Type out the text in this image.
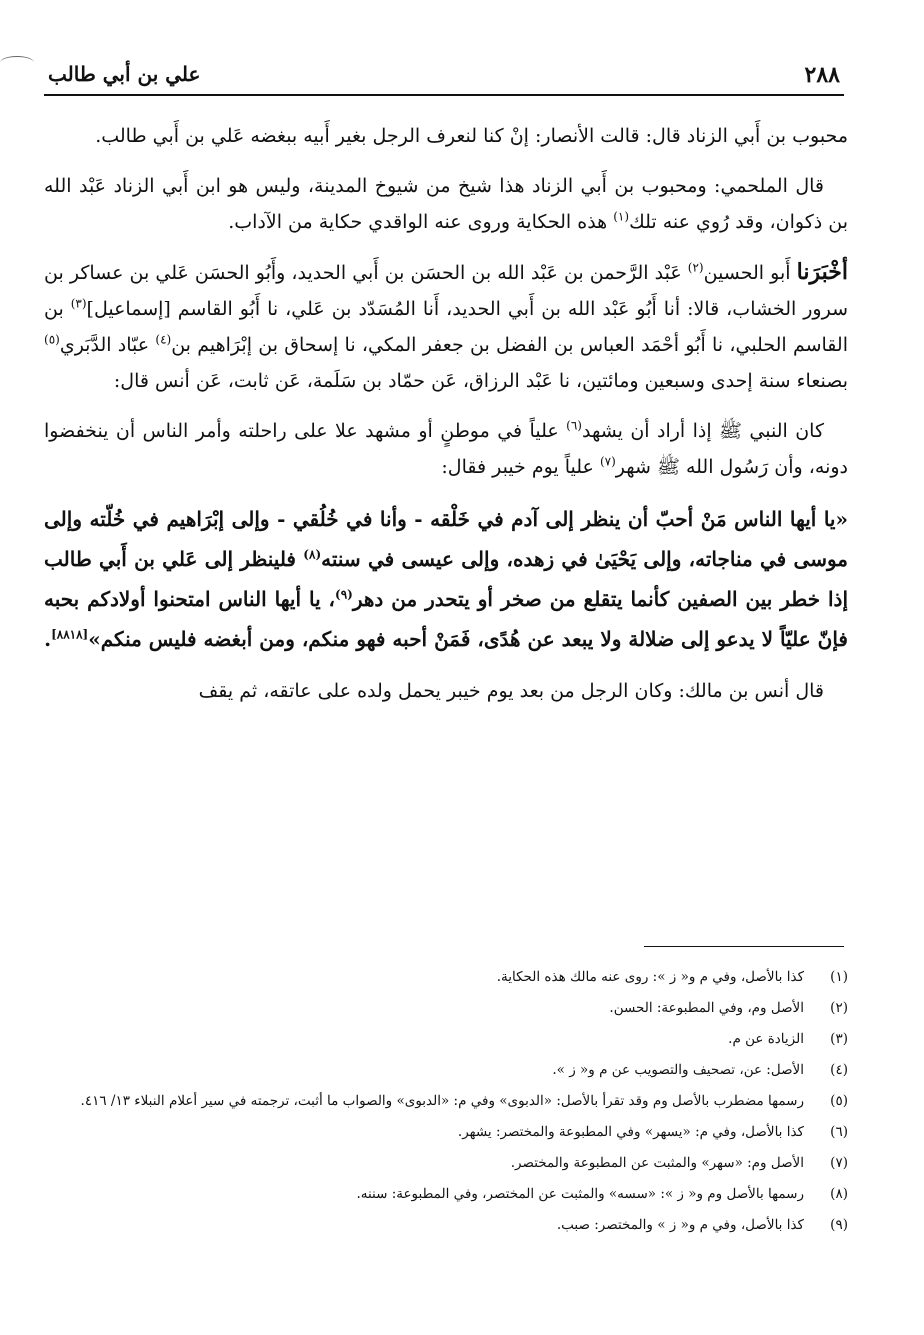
٢٨٨
علي بن أبي طالب

محبوب بن أَبي الزناد قال: قالت الأنصار: إنْ كنا لنعرف الرجل بغير أَبيه ببغضه عَلي بن أَبي طالب.

قال الملحمي: ومحبوب بن أَبي الزناد هذا شيخ من شيوخ المدينة، وليس هو ابن أَبي الزناد عَبْد الله بن ذكوان، وقد رُوي عنه تلك$^{(١)}$ هذه الحكاية وروى عنه الواقدي حكاية من الآداب.

أخْبَرَنا أَبو الحسين$^{(٢)}$ عَبْد الرَّحمن بن عَبْد الله بن الحسَن بن أَبي الحديد، وأَبُو الحسَن عَلي بن عساكر بن سرور الخشاب، قالا: أنا أَبُو عَبْد الله بن أَبي الحديد، أَنا المُسَدّد بن عَلي، نا أَبُو القاسم [إسماعيل]$^{(٣)}$ بن القاسم الحلبي، نا أَبُو أحْمَد العباس بن الفضل بن جعفر المكي، نا إسحاق بن إبْرَاهيم بن$^{(٤)}$ عبّاد الدَّبَري$^{(٥)}$ بصنعاء سنة إحدى وسبعين ومائتين، نا عَبْد الرزاق، عَن حمّاد بن سَلَمة، عَن ثابت، عَن أنس قال:

كان النبي ﷺ إذا أراد أن يشهد$^{(٦)}$ علياً في موطنٍ أو مشهد علا على راحلته وأمر الناس أن ينخفضوا دونه، وأن رَسُول الله ﷺ شهر$^{(٧)}$ علياً يوم خيبر فقال:

«يا أيها الناس مَنْ أحبّ أن ينظر إلى آدم في خَلْقه - وأنا في خُلُقي - وإلى إبْرَاهيم في خُلّته وإلى موسى في مناجاته، وإلى يَحْيَىٰ في زهده، وإلى عيسى في سنته$^{(٨)}$ فلينظر إلى عَلي بن أَبي طالب إذا خطر بين الصفين كأنما يتقلع من صخر أو يتحدر من دهر$^{(٩)}$، يا أيها الناس امتحنوا أولادكم بحبه فإنّ عليّاً لا يدعو إلى ضلالة ولا يبعد عن هُدًى، فَمَنْ أحبه فهو منكم، ومن أبغضه فليس منكم»[٨٨١٨].

قال أنس بن مالك: وكان الرجل من بعد يوم خيبر يحمل ولده على عاتقه، ثم يقف

(١)
كذا بالأصل، وفي م و« ز »: روى عنه مالك هذه الحكاية.

(٢)
الأصل وم، وفي المطبوعة: الحسن.

(٣)
الزيادة عن م.

(٤)
الأصل: عن، تصحيف والتصويب عن م و« ز ».

(٥)
رسمها مضطرب بالأصل وم وقد تقرأ بالأصل: «الدبوى» وفي م: «الدبوى» والصواب ما أثبت، ترجمته في سير أعلام النبلاء ١٣/ ٤١٦.

(٦)
كذا بالأصل، وفي م: «يسهر» وفي المطبوعة والمختصر: يشهر.

(٧)
الأصل وم: «سهر» والمثبت عن المطبوعة والمختصر.

(٨)
رسمها بالأصل وم و« ز »: «سسه» والمثبت عن المختصر، وفي المطبوعة: سننه.

(٩)
كذا بالأصل، وفي م و« ز » والمختصر: صبب.
